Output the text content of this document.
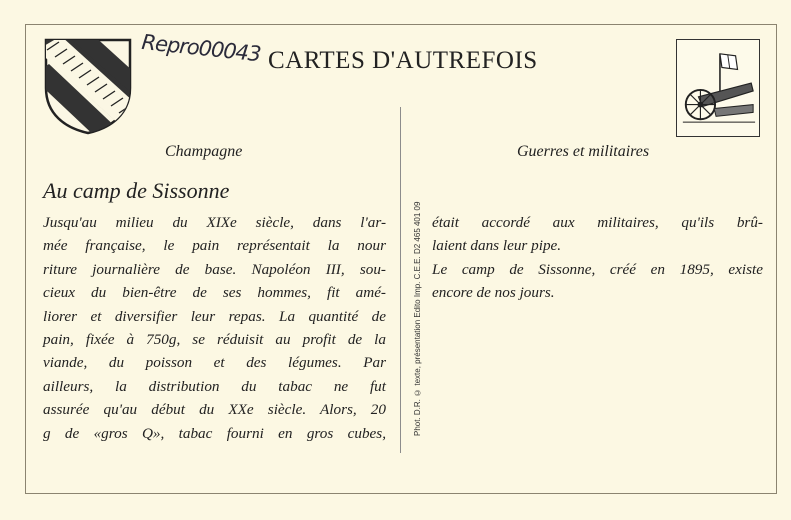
Repro00043 CARTES D'AUTREFOIS
Champagne	Guerres et militaires
Au camp de Sissonne
Phot. D.R. © texte, présentation Edito Imp. C.E.E. D2 465 401 09
Jusqu'au milieu du XIXe siècle, dans l'ar-
mée française, le pain représentait la nour
riture journalière de base. Napoléon III, sou-
cieux du bien-être de ses hommes, fit amé-
liorer et diversifier leur repas. La quantité de
pain, fixée à 750g, se réduisit au profit de la
viande, du poisson et des légumes. Par
ailleurs, la distribution du tabac ne fut
assurée qu'au début du XXe siècle. Alors, 20
g de «gros Q», tabac fourni en gros cubes,
était accordé aux militaires, qu'ils brû-
laient dans leur pipe.
Le camp de Sissonne, créé en 1895, existe
encore de nos jours.
